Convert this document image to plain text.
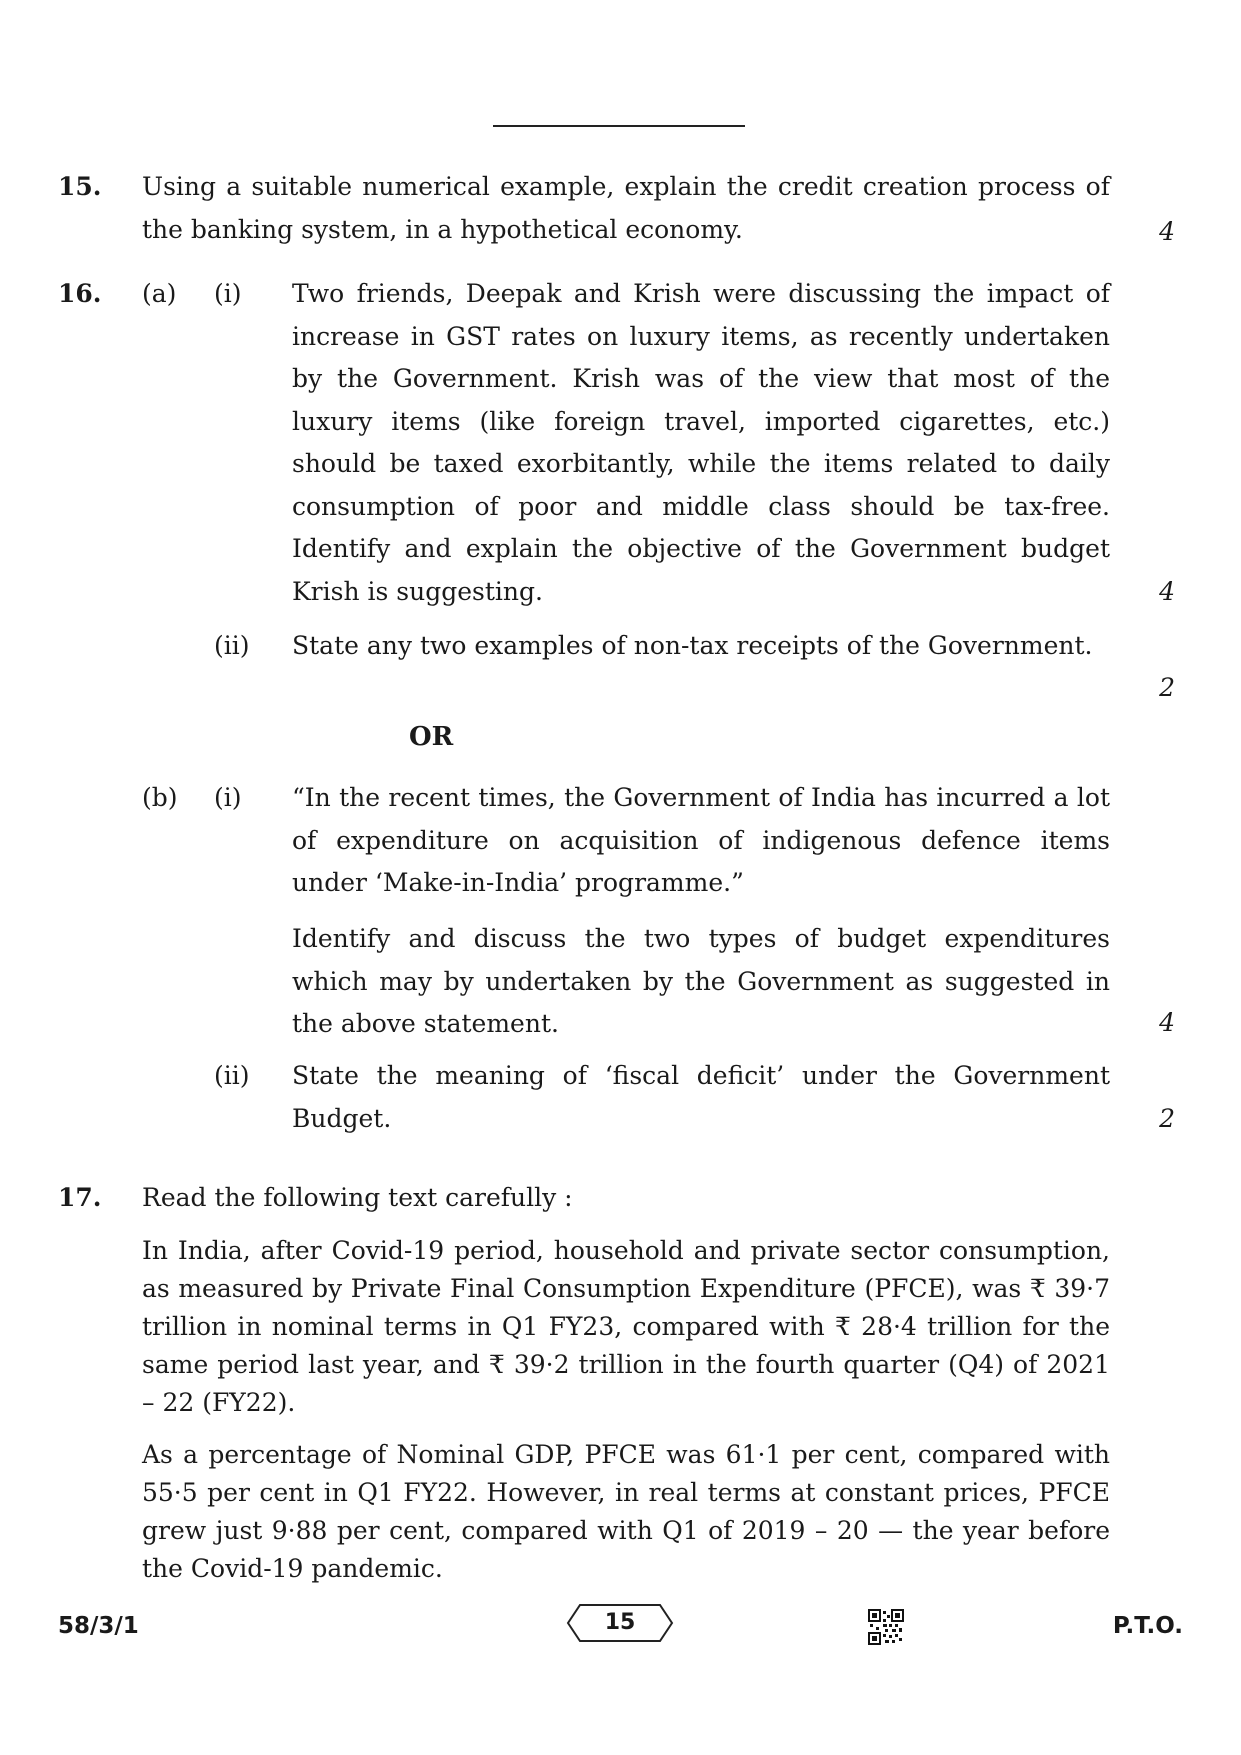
15. Using a suitable numerical example, explain the credit creation process of the banking system, in a hypothetical economy.	4
16. (a) (i) Two friends, Deepak and Krish were discussing the impact of increase in GST rates on luxury items, as recently undertaken by the Government. Krish was of the view that most of the luxury items (like foreign travel, imported cigarettes, etc.) should be taxed exorbitantly, while the items related to daily consumption of poor and middle class should be tax-free. Identify and explain the objective of the Government budget Krish is suggesting.	4
(ii) State any two examples of non-tax receipts of the Government.
2
OR
(b) (i) “In the recent times, the Government of India has incurred a lot of expenditure on acquisition of indigenous defence items under ‘Make-in-India’ programme.”
Identify and discuss the two types of budget expenditures which may by undertaken by the Government as suggested in the above statement.	4
(ii) State the meaning of ‘fiscal deficit’ under the Government Budget.	2
17. Read the following text carefully :
In India, after Covid-19 period, household and private sector consumption, as measured by Private Final Consumption Expenditure (PFCE), was ₹ 39·7 trillion in nominal terms in Q1 FY23, compared with ₹ 28·4 trillion for the same period last year, and ₹ 39·2 trillion in the fourth quarter (Q4) of 2021 – 22 (FY22).
As a percentage of Nominal GDP, PFCE was 61·1 per cent, compared with 55·5 per cent in Q1 FY22. However, in real terms at constant prices, PFCE grew just 9·88 per cent, compared with Q1 of 2019 – 20 — the year before the Covid-19 pandemic.
58/3/1	15	P.T.O.
